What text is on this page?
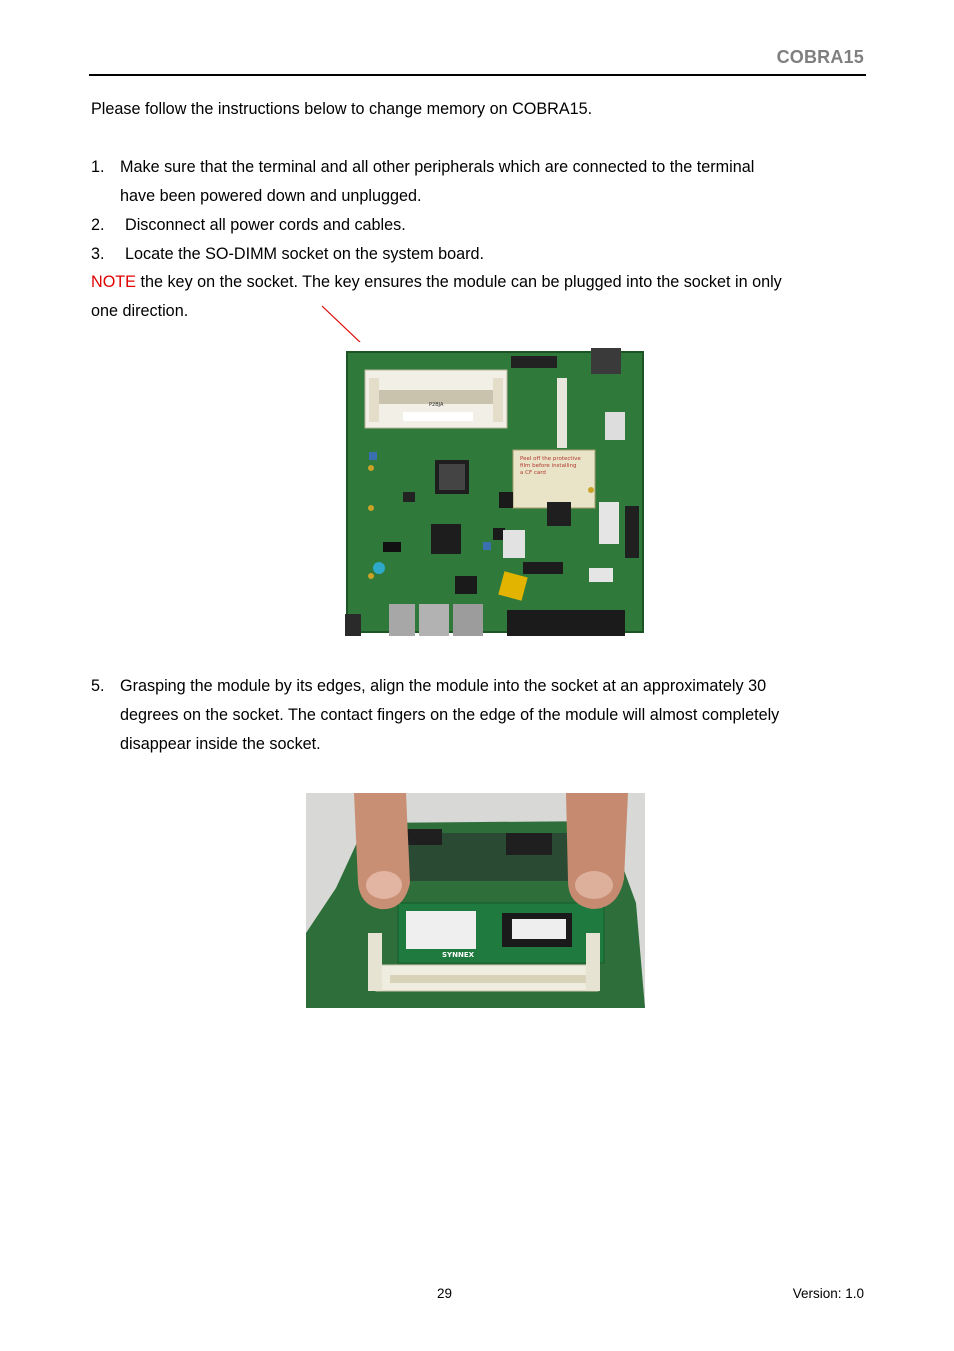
COBRA15
Please follow the instructions below to change memory on COBRA15.
1. Make sure that the terminal and all other peripherals which are connected to the terminal
have been powered down and unplugged.
2. Disconnect all power cords and cables.
3. Locate the SO-DIMM socket on the system board.
NOTE the key on the socket. The key ensures the module can be plugged into the socket in only
one direction.
P2BJA
Peel off the protective
film before installing
a CF card
5. Grasping the module by its edges, align the module into the socket at an approximately 30
degrees on the socket. The contact fingers on the edge of the module will almost completely
disappear inside the socket.
SYNNEX
29	Version: 1.0
